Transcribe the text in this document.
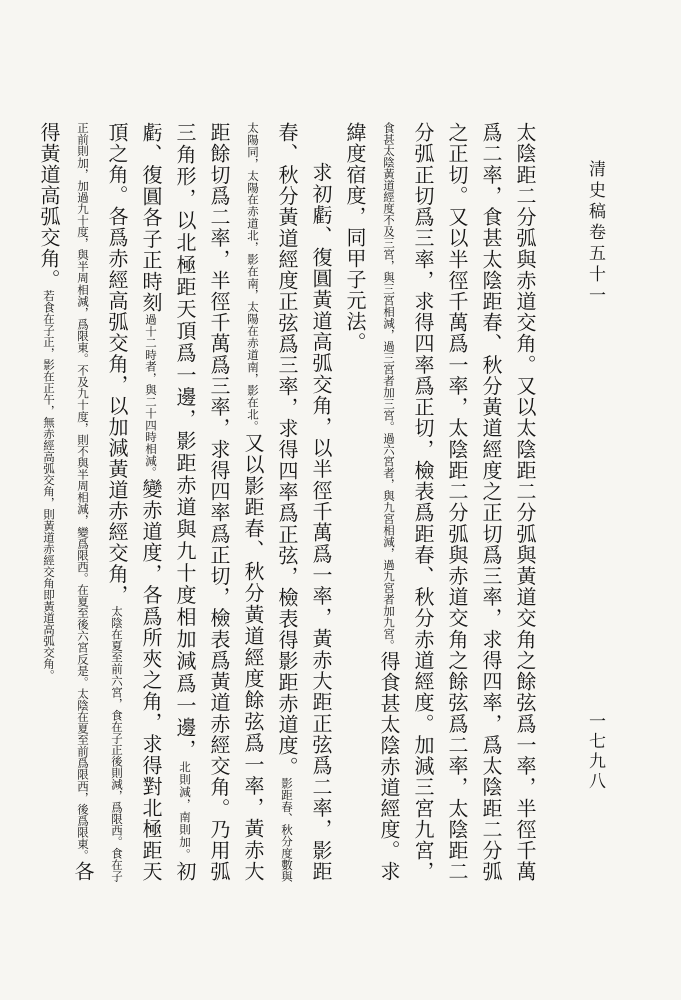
清史稿卷五十一
一七九八

太陰距二分弧與赤道交角。又以太陰距二分弧與黃道交角之餘弦爲一率，半徑千萬爲二率，食甚太陰距春、秋分黃道經度之正切爲三率，求得四率，爲太陰距二分弧之正切。又以半徑千萬爲一率，太陰距二分弧與赤道交角之餘弦爲二率，太陰距二分弧正切爲三率，求得四率爲正切，檢表爲距春、秋分赤道經度。加減三宮九宮，食甚太陰黃道經度不及三宮，與三宮相減，過三宮者加三宮。過六宮者，與九宮相減，過九宮者加九宮。得食甚太陰赤道經度。求緯度宿度，同甲子元法。

求初虧、復圓黃道高弧交角，以半徑千萬爲一率，黃赤大距正弦爲二率，影距春、秋分黃道經度正弦爲三率，求得四率爲正弦，檢表得影距赤道度。影距春、秋分度數與太陽同，太陽在赤道北，影在南，太陽在赤道南，影在北。又以影距春、秋分黃道經度餘弦爲一率，黃赤大距餘切爲二率，半徑千萬爲三率，求得四率爲正切，檢表爲黃道赤經交角。乃用弧三角形，以北極距天頂爲一邊，影距赤道與九十度相加減爲一邊，北則減，南則加。初虧、復圓各子正時刻過十二時者，與二十四時相減。變赤道度，各爲所夾之角，求得對北極距天頂之角。各爲赤經高弧交角，以加減黃道赤經交角，太陰在夏至前六宮，食在子正後則減，爲限西。食在子正前則加，加過九十度，與半周相減，爲限東。不及九十度，則不與半周相減，變爲限西。在夏至後六宮反是。太陰在夏至前爲限西，後爲限東。各得黃道高弧交角。若食在子正，影在正午，無赤經高弧交角，則黃道赤經交角即黃道高弧交角。
